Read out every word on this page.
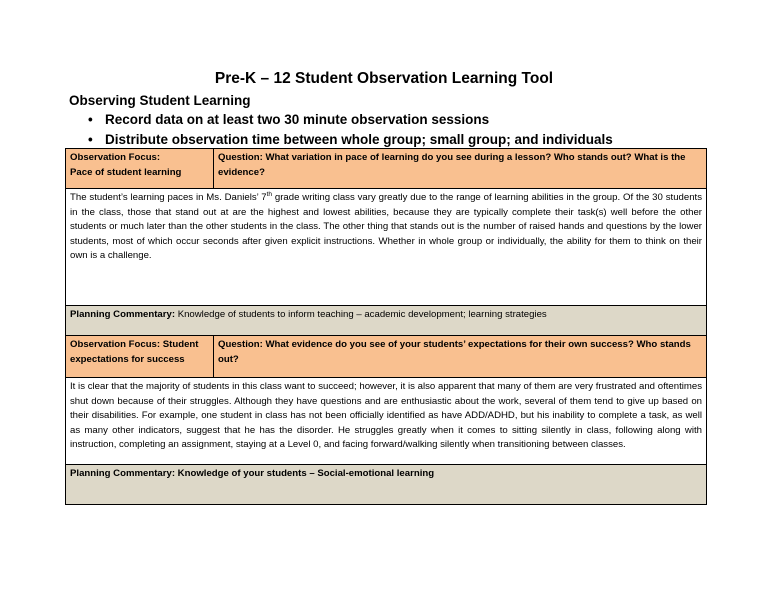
Pre-K – 12 Student Observation Learning Tool
Observing Student Learning
• Record data on at least two 30 minute observation sessions
• Distribute observation time between whole group; small group; and individuals
Observation Focus:
Pace of student learning	Question: What variation in pace of learning do you see during a lesson? Who stands out? What is the evidence?
The student’s learning paces in Ms. Daniels’ 7th grade writing class vary greatly due to the range of learning abilities in the group. Of the 30 students in the class, those that stand out at are the highest and lowest abilities, because they are typically complete their task(s) well before the other students or much later than the other students in the class. The other thing that stands out is the number of raised hands and questions by the lower students, most of which occur seconds after given explicit instructions. Whether in whole group or individually, the ability for them to think on their own is a challenge.	
Planning Commentary: Knowledge of students to inform teaching – academic development; learning strategies	
Observation Focus: Student expectations for success	Question: What evidence do you see of your students’ expectations for their own success? Who stands out?
It is clear that the majority of students in this class want to succeed; however, it is also apparent that many of them are very frustrated and oftentimes shut down because of their struggles. Although they have questions and are enthusiastic about the work, several of them tend to give up based on their disabilities. For example, one student in class has not been officially identified as have ADD/ADHD, but his inability to complete a task, as well as many other indicators, suggest that he has the disorder. He struggles greatly when it comes to sitting silently in class, following along with instruction, completing an assignment, staying at a Level 0, and facing forward/walking silently when transitioning between classes.	
Planning Commentary: Knowledge of your students – Social-emotional learning	
